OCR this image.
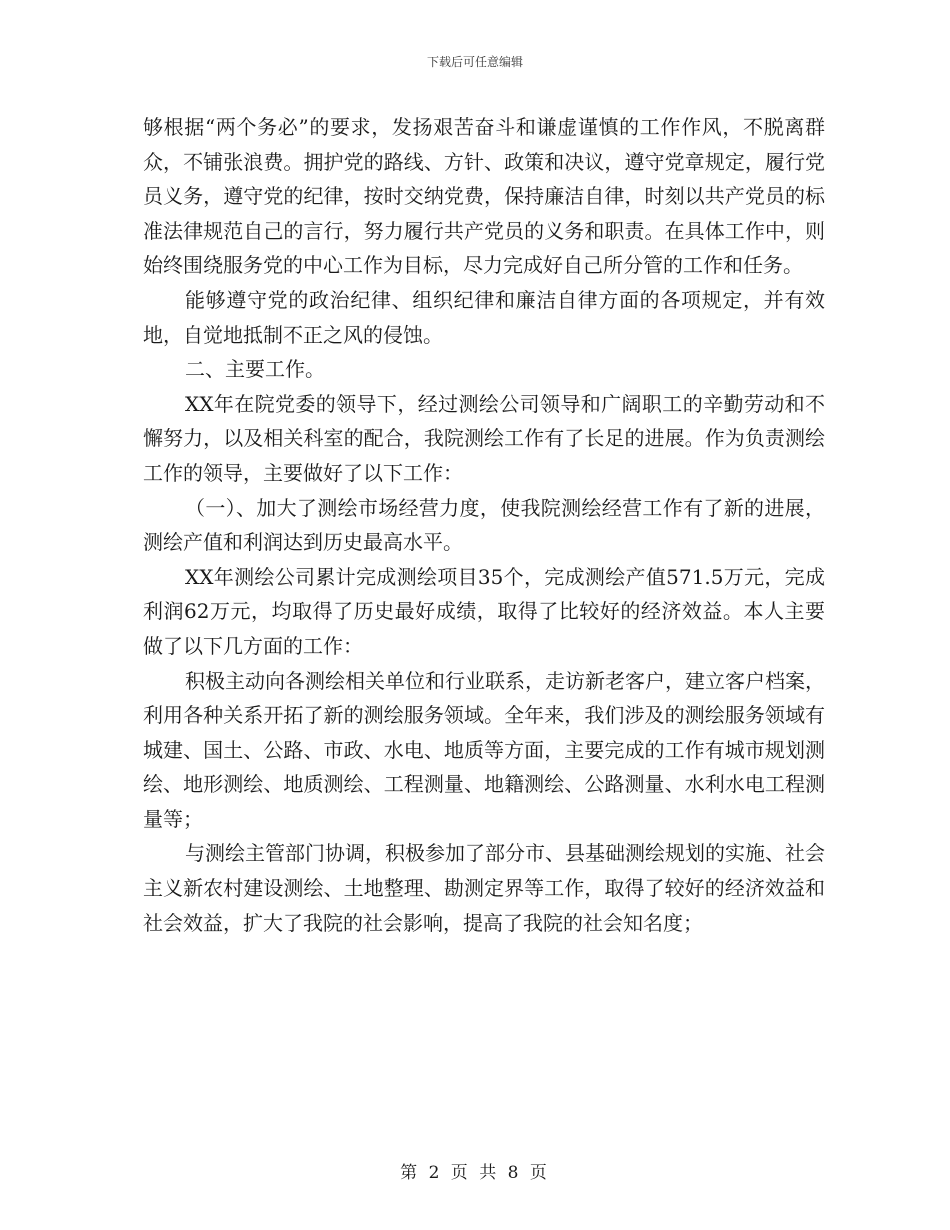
下载后可任意编辑

够根据“两个务必”的要求，发扬艰苦奋斗和谦虚谨慎的工作作风，不脱离群众，不铺张浪费。拥护党的路线、方针、政策和决议，遵守党章规定，履行党员义务，遵守党的纪律，按时交纳党费，保持廉洁自律，时刻以共产党员的标准法律规范自己的言行，努力履行共产党员的义务和职责。在具体工作中，则始终围绕服务党的中心工作为目标，尽力完成好自己所分管的工作和任务。

能够遵守党的政治纪律、组织纪律和廉洁自律方面的各项规定，并有效地，自觉地抵制不正之风的侵蚀。

二、主要工作。

XX年在院党委的领导下，经过测绘公司领导和广阔职工的辛勤劳动和不懈努力，以及相关科室的配合，我院测绘工作有了长足的进展。作为负责测绘工作的领导，主要做好了以下工作：

（一）、加大了测绘市场经营力度，使我院测绘经营工作有了新的进展，测绘产值和利润达到历史最高水平。

XX年测绘公司累计完成测绘项目35个，完成测绘产值571.5万元，完成利润62万元，均取得了历史最好成绩，取得了比较好的经济效益。本人主要做了以下几方面的工作：

积极主动向各测绘相关单位和行业联系，走访新老客户，建立客户档案，利用各种关系开拓了新的测绘服务领域。全年来，我们涉及的测绘服务领域有城建、国土、公路、市政、水电、地质等方面，主要完成的工作有城市规划测绘、地形测绘、地质测绘、工程测量、地籍测绘、公路测量、水利水电工程测量等；

与测绘主管部门协调，积极参加了部分市、县基础测绘规划的实施、社会主义新农村建设测绘、土地整理、勘测定界等工作，取得了较好的经济效益和社会效益，扩大了我院的社会影响，提高了我院的社会知名度；

第 2 页 共 8 页
